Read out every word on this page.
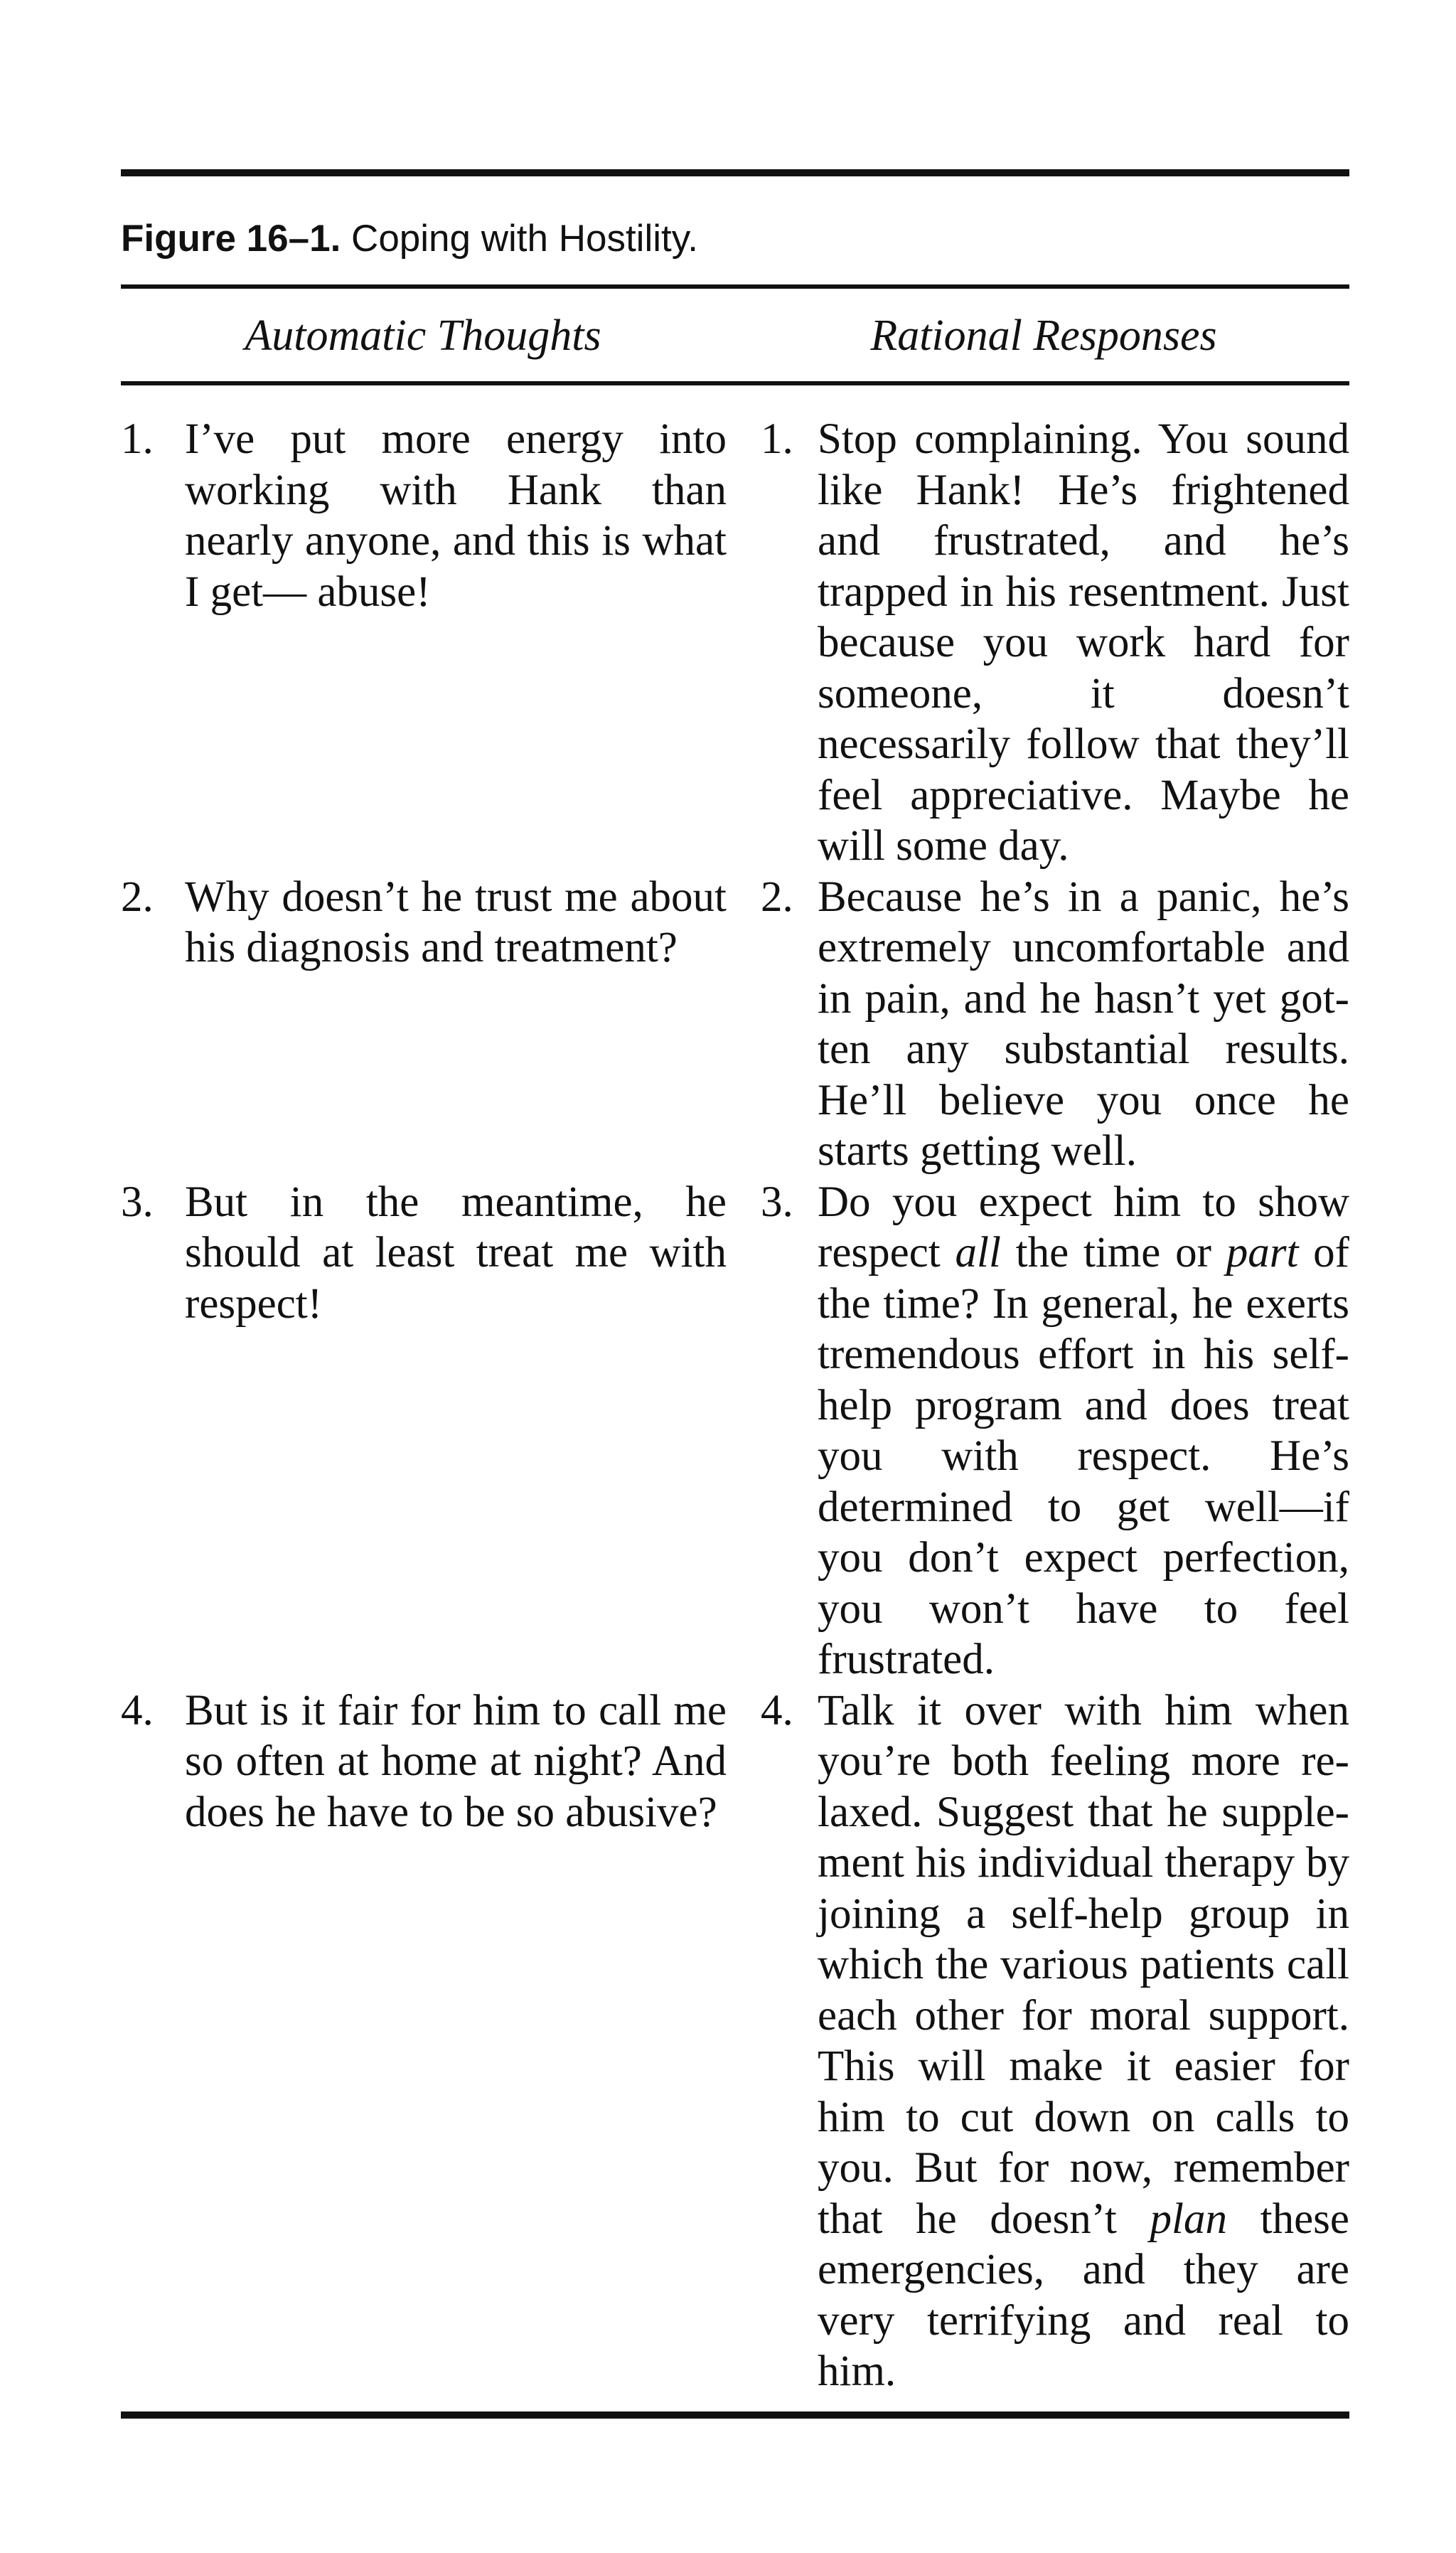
Figure 16–1. Coping with Hostility.
Automatic Thoughts	Rational Responses
1. I’ve put more energy into working with Hank than nearly anyone, and this is what I get— abuse!
1. Stop complaining. You sound like Hank! He’s frightened and frustrated, and he’s trapped in his resentment. Just because you work hard for someone, it doesn’t necessarily follow that they’ll feel appreciative. Maybe he will some day.
2. Why doesn’t he trust me about his diagnosis and treatment?
2. Because he’s in a panic, he’s extremely uncomfortable and in pain, and he hasn’t yet gotten any substantial results. He’ll believe you once he starts getting well.
3. But in the meantime, he should at least treat me with respect!
3. Do you expect him to show respect all the time or part of the time? In general, he exerts tremendous effort in his self-help program and does treat you with respect. He’s determined to get well—if you don’t expect perfection, you won’t have to feel frustrated.
4. But is it fair for him to call me so often at home at night? And does he have to be so abusive?
4. Talk it over with him when you’re both feeling more relaxed. Suggest that he supplement his individual therapy by joining a self-help group in which the various patients call each other for moral support. This will make it easier for him to cut down on calls to you. But for now, remember that he doesn’t plan these emergencies, and they are very terrifying and real to him.
